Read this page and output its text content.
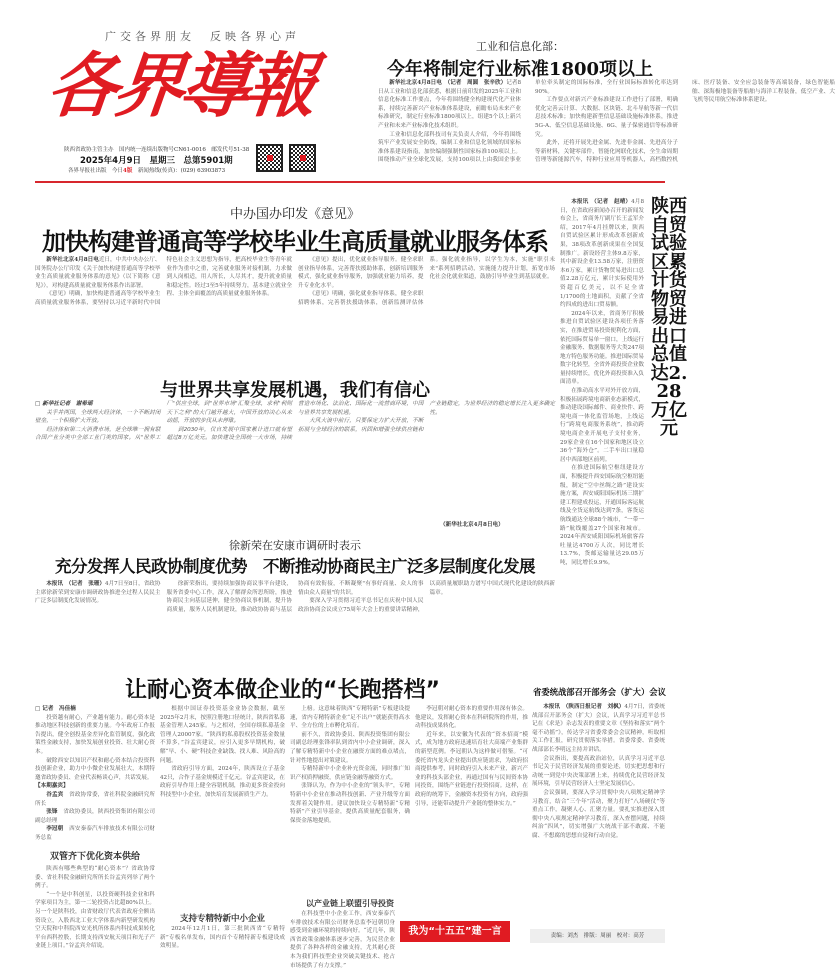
广交各界朋友　反映各界心声
各界導報
陕西省政协主管主办　国内统一连续出版物号CN61-0016　邮发代号51-38
2025年4月9日　星期三　总第5901期
各界导报社出版　今日4版　新闻热线(传真)：(029) 63903873
工业和信息化部：
今年将制定行业标准1800项以上

新华社北京4月8日电　（记者　周圆　张辛欣）记者8日从工业和信息化部获悉，根据日前印发的2025年工业和信息化标准工作要点，今年将围绕健全构建现代化产业体系，持续完善新兴产业标准体系建设，前瞻布局未来产业标准研究，制定行业标准1800项以上，组建5个以上新兴产业和未来产业标准化技术组织。

工业和信息化部科技司有关负责人介绍，今年将围绕筑牢产业发展安全防线，编制工业和信息化领域的国家标准体系建设指南，加快编制强制性国家标准100项以上。围绕推动产业全球化发展，支持100项以上由我国企事业单位牵头制定的国际标准，全行业国际标准转化率达到90%。

工作要点对新兴产业标准建设工作进行了部署，明确优化完善云计算、大数据、区块链、北斗导航等新一代信息技术标准；加快构建新型信息基础设施标准体系，推进5G-A、低空信息基础设施、6G、量子保密通信等标准研究。

此外，还将开展先进金属、先进非金属、先进高分子等新材料，关键零部件，智能化网联化技术，全生命周期管理等新能源汽车，特种行业应用等机器人，高档数控机床、医疗装备、安全应急装备等高端装备，绿色智能船舶、深海极地装备等船舶与海洋工程装备，低空产业、大飞机等民用航空标准体系建设。

中办国办印发《意见》
加快构建普通高等学校毕业生高质量就业服务体系

新华社北京4月8日电近日，中共中央办公厅、国务院办公厅印发《关于加快构建普通高等学校毕业生高质量就业服务体系的意见》（以下简称《意见》），对构建高质量就业服务体系作出部署。

《意见》明确，加快构建普通高等学校毕业生高质量就业服务体系，要坚持以习近平新时代中国特色社会主义思想为指导，把高校毕业生等青年就业作为重中之重，完善就业服务对接机制，力求做到人岗相适，用人所长，人尽其才，提升就业质量和稳定性。经过3至5年持续努力，基本建立就业全程、主体全面覆盖的高质量就业服务体系。

《意见》提出，优化就业指导服务。健全求职创业指导体系，完善帮扶援助体系，创新培训服务模式，强化就业指导服务，加强就业能力培养，提升专业化水平。

《意见》明确，强化就业指导体系，健全求职招聘体系，完善帮扶援助体系，创新监测评估体系。强化就业指导，以学生为本，实施"职引未来"系列招聘活动，实施能力提升计划，拓宽市场化社会化就业渠道，鼓励引导毕业生到基层就业。

与世界共享发展机遇，我们有信心
□ 新华社记者　谢希瑶

关乎并两国，全球两大经济体，一个不断封闭壁垒，一个积极扩大开放。

经济体和第二大消费市场，是全球唯一拥有联合国产业分类中全部工业门类的国家。从"世界工厂"供应全球，到"世界市场"汇聚全球，求利"利则天下之利"的大门越开越大，中国开放的决心从未动摇，开放的步伐从未停歇。

到2030年，仅自发展中国家累计进口就有望超过8万亿美元。加快建设全国统一大市场，持续营造市场化、法治化、国际化一流营商环境，中国与世界共享发展机遇。

大风大浪中前行，只要保定力扩大开放，不断拓展与全球经济的联系，巩固和增强全球供应链和产业链稳定，为世界经济的稳定增长注入更多确定性。

（新华社北京4月8日电）
徐新荣在安康市调研时表示
充分发挥人民政协制度优势　不断推动协商民主广泛多层制度化发展

本报讯　（记者　张珊）4月7日至8日，省政协主席徐新荣到安康市调研政协推进全过程人民民主广泛多层制度化发展情况。

徐新荣指出，要持续加强协商议事平台建设，服务省委中心工作，深入了解群众所思所盼，推进协商民主向基层延伸，健全协商议事机制，提升协商质量，服务人民机制建设，推动政协协商与基层协商有效衔接，不断凝聚"有事好商量、众人的事情由众人商量"的共识。

要深入学习贯彻习近平总书记在庆祝中国人民政治协商会议成立75周年大会上的重要讲话精神，以高质量履职助力谱写中国式现代化建设的陕西新篇章。

本报讯　（记者　赵晴）4月8日，在省政府新闻办召开的新闻发布会上，省商务厅副厅长王孟军介绍，2017年4月挂牌以来，陕西自贸试验区累计形成改革创新成果，38项改革创新成果在全国复制推广。新设经营主体9.8万家，其中新设企业13.58万家，注册资本6万家，累计货物贸易进出口总值2.28万亿元，累计实际使用外资超百亿美元，以不足全省1/1700的土地面积，贡献了全省约四成的进出口贸易额。

2024年以来，省商务厅积极推进自贸试验区建设各项任务落实，在推进贸易投资便利化方面，依托国际贸易单一窗口，上线运行金融服务、数据服务等大类247项地方特色服务功能。推进国际贸易数字化转型，全省外商投资企业数量持续增长，优化外商投资准入负面清单。

在推动高水平对外开放方面，积极拓展跨境电商新业态新模式，推动建设国际邮件、商业快件、跨境电商一体化监管场地，上线运行“跨境电商服务系统”，推动跨境电商企业开展电子支付业务，29家企业在16个国家和地区设立36个“海外仓”。二手车出口量稳居中西部地区前列。

在推进国际航空枢纽建设方面，积极提升西安国际航空枢纽能级，制定“空中丝绸之路”建设实施方案，西安咸阳国际机场三期扩建工程建成投运，开通国际客运航线及全货运航线达到7条，客货运航线通达全球88个城市，“一带一路”航线覆盖27个国家和城市。2024年西安咸阳国际机场旅客吞吐量达4700万人次，同比增长13.7%，货邮运输量达29.05万吨，同比增长9.9%。

陕西自贸试验区累计货物贸易进出口总值达2.28万亿元
让耐心资本做企业的“长跑搭档”
□ 记者　冯佳楠

投资越有耐心，产业越有能力。耐心资本是推动地区科技创新的重要力量。今年政府工作报告提出，健全创投基金差异化监管制度，强化政策性金融支持，加快发展创业投资、壮大耐心资本。

破除西安以知识产权和耐心资本结合投资科技创新企业，助力中小微企业发展壮大，本期特邀省政协委员、企业代表畅谈心声，共话发展。

【本期嘉宾】

谷孟宾　省政协常委，省社科院金融研究所所长

张锋　省政协委员，陕西投资集团有限公司副总经理

李冠朝　西安秦泰汽车排放技术有限公司财务总监

双管齐下优化资本供给

陕西有哪些典型的“耐心资本”？省政协常委、省社科院金融研究所所长谷孟宾列举了两个例子。

“一个是中科创星，以投资硬科技企业和科学家项目为主，第一二轮投资占比超80%以上。另一个是陕科投，由省财政厅代表省政府全额出资设立，入股西北工业大学体系内新型研发机构空天院和中科院西安光机所体系内科技成果转化平台西科控股，长期支持西安航天项目和光子产业链上项目。”谷孟宾介绍说。

根据中国证券投资基金业协会数据，截至2025年2月末，按照注册地口径统计，陕西省私募基金管理人245家。与之相对，全国存续私募基金管理人20007家。“陕西的私募股权投资基金数量不算多，”谷孟宾建议，应引入更多早期机构，破解“早、小、硬”科技企业缺钱、找人难、风险高的问题。

省政府引导方面，2024年，陕西设立子基金42只，合作子基金规模近千亿元。谷孟宾建议，在政府引导作用上健全容错机制，推动更多资金投向科技型中小企业，加快培育发展新质生产力。

支持专精特新中小企业

2024年12月1日，第三批陕西省“专精特新”专板名单发布，国内首个专精特新专板建设成效明显。

上榜。这意味着陕西“专精特新”专板建设提速，省内专精特新企业“足不出户”就能获得高水平、全方位的上市孵化培育。

前不久，省政协委员、陕西投资集团有限公司副总经理张锋率队到省内中小企业调研，深入了解专精特新中小企业在融资方面的难点堵点，针对性地提出对策建议。

专精特新中小企业补充资金流，同时推广知识产权质押融资，供应链金融等融资方式。

张锋认为，作为中小企业的“领头羊”，专精特新中小企业在推动科技创新、产业升级等方面发挥着关键作用。建议加快设立专精特新“专精特新”产业引导基金，提供高质量配套服务，确保资金落地提质。

以产业链上联盟引导投资

在科技型中小企业工作，西安秦泰汽车排放技术有限公司财务总监李冠朝切身感受到金融环境的持续向好。“近几年，陕西省政策金融体系逐步完善，为民营企业提供了各种各样的金融支持，尤其耐心资本为我们科技型企业突破关键技术、抢占市场提供了有力支撑。”

李冠朝对耐心资本的重要作用深有体会。他建议，发挥耐心资本在科研院所的作用，推动科技成果转化。

近年来，以安徽为代表的“资本招商”模式，成为地方政府迅速培育壮大高端产业集群的新型范例。李冠朝认为这样做可借鉴。“可委托省内龙头企业提出供应链需求，为政府招商提供参考，同时政府引入未来产业，新兴产业的科技头部企业，再通过国有与民间资本协同投资，围绕产业链进行投资招商。这样，在政府的统筹下，金融资本投资有方向，政府强引导，还能带动提升产业链的整体实力。”

我为“十五五”建一言
省委统战部召开部务会（扩大）会议

本报讯　（陕西日报记者　刘枫）4月7日，省委统战部召开部务会（扩大）会议，认真学习习近平总书记在《求是》杂志发表的重要文章《坚持和落实“两个毫不动摇”》，传达学习省委常委会会议精神，听取相关工作汇报，研究贯彻落实举措。省委常委、省委统战部部长李明远主持并讲话。

会议指出，要提高政治站位，认真学习习近平总书记关于民营经济发展的重要论述，切实把思想和行动统一到党中央决策部署上来，持续优化民营经济发展环境，引导民营经济人士坚定发展信心。

会议强调，要深入学习贯彻中央八项规定精神学习教育，结合“三个年”活动，聚力打好“八场硬仗”等重点工作，凝聚人心、汇聚力量。要扎实推进深入贯彻中央八项规定精神学习教育，深入查摆问题，持续纠治“四风”，切实增强广大统战干部不敢腐、不能腐、不想腐的思想自觉和行动自觉。

责编：刘杰　排版：周丽　校对：高芳
